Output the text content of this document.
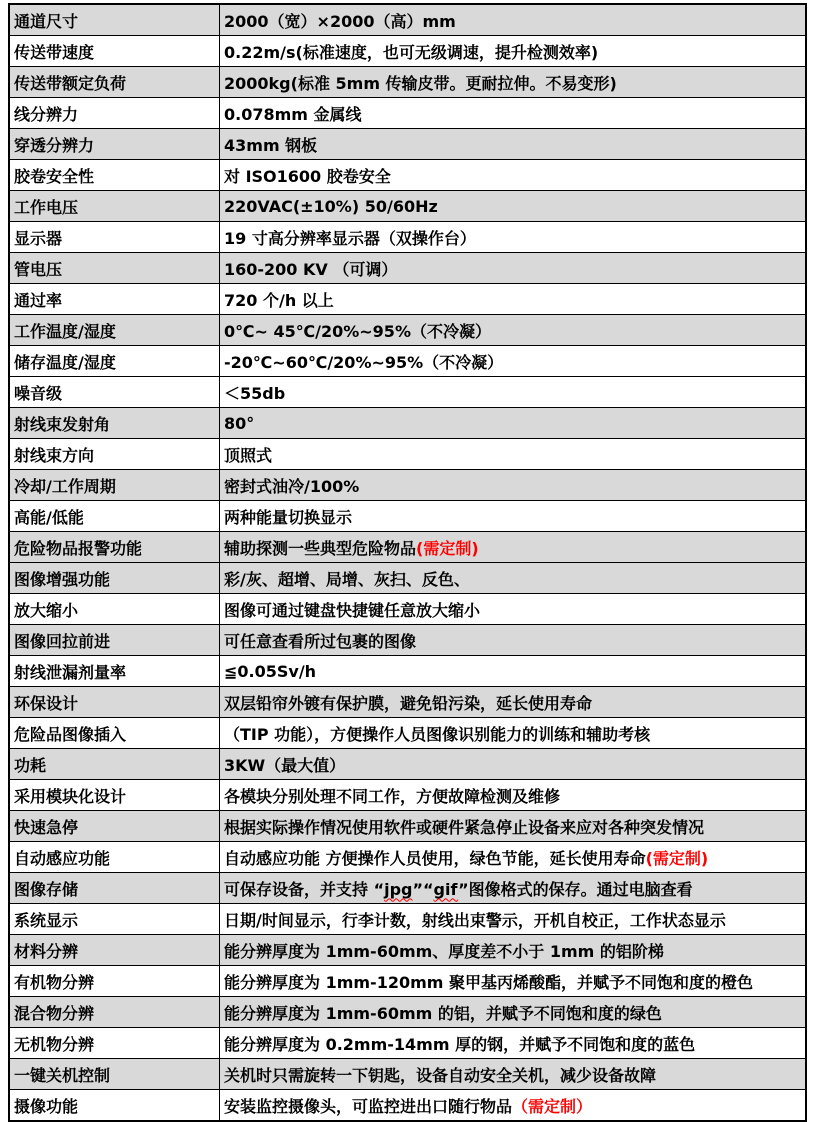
通道尺寸	2000（宽）×2000（高）mm
传送带速度	0.22m/s(标准速度，也可无级调速，提升检测效率)
传送带额定负荷	2000kg(标准 5mm 传输皮带。更耐拉伸。不易变形)
线分辨力	0.078mm 金属线
穿透分辨力	43mm 钢板
胶卷安全性	对 ISO1600 胶卷安全
工作电压	220VAC(±10%) 50/60Hz
显示器	19 寸高分辨率显示器（双操作台）
管电压	160-200 KV （可调）
通过率	720 个/h 以上
工作温度/湿度	0℃~ 45℃/20%~95%（不冷凝）
储存温度/湿度	-20℃~60℃/20%~95%（不冷凝）
噪音级	＜55db
射线束发射角	80°
射线束方向	顶照式
冷却/工作周期	密封式油冷/100%
高能/低能	两种能量切换显示
危险物品报警功能	辅助探测一些典型危险物品(需定制)
图像增强功能	彩/灰、超增、局增、灰扫、反色、
放大缩小	图像可通过键盘快捷键任意放大缩小
图像回拉前进	可任意查看所过包裹的图像
射线泄漏剂量率	≦0.05Sv/h
环保设计	双层铅帘外镀有保护膜，避免铅污染，延长使用寿命
危险品图像插入	（TIP 功能），方便操作人员图像识别能力的训练和辅助考核
功耗	3KW（最大值）
采用模块化设计	各模块分别处理不同工作，方便故障检测及维修
快速急停	根据实际操作情况使用软件或硬件紧急停止设备来应对各种突发情况
自动感应功能	自动感应功能 方便操作人员使用，绿色节能，延长使用寿命(需定制)
图像存储	可保存设备，并支持 “jpg”“gif”图像格式的保存。通过电脑查看
系统显示	日期/时间显示，行李计数，射线出束警示，开机自校正，工作状态显示
材料分辨	能分辨厚度为 1mm-60mm、厚度差不小于 1mm 的铝阶梯
有机物分辨	能分辨厚度为 1mm-120mm 聚甲基丙烯酸酯，并赋予不同饱和度的橙色
混合物分辨	能分辨厚度为 1mm-60mm 的铝，并赋予不同饱和度的绿色
无机物分辨	能分辨厚度为 0.2mm-14mm 厚的钢，并赋予不同饱和度的蓝色
一键关机控制	关机时只需旋转一下钥匙，设备自动安全关机，减少设备故障
摄像功能	安装监控摄像头，可监控进出口随行物品（需定制）
